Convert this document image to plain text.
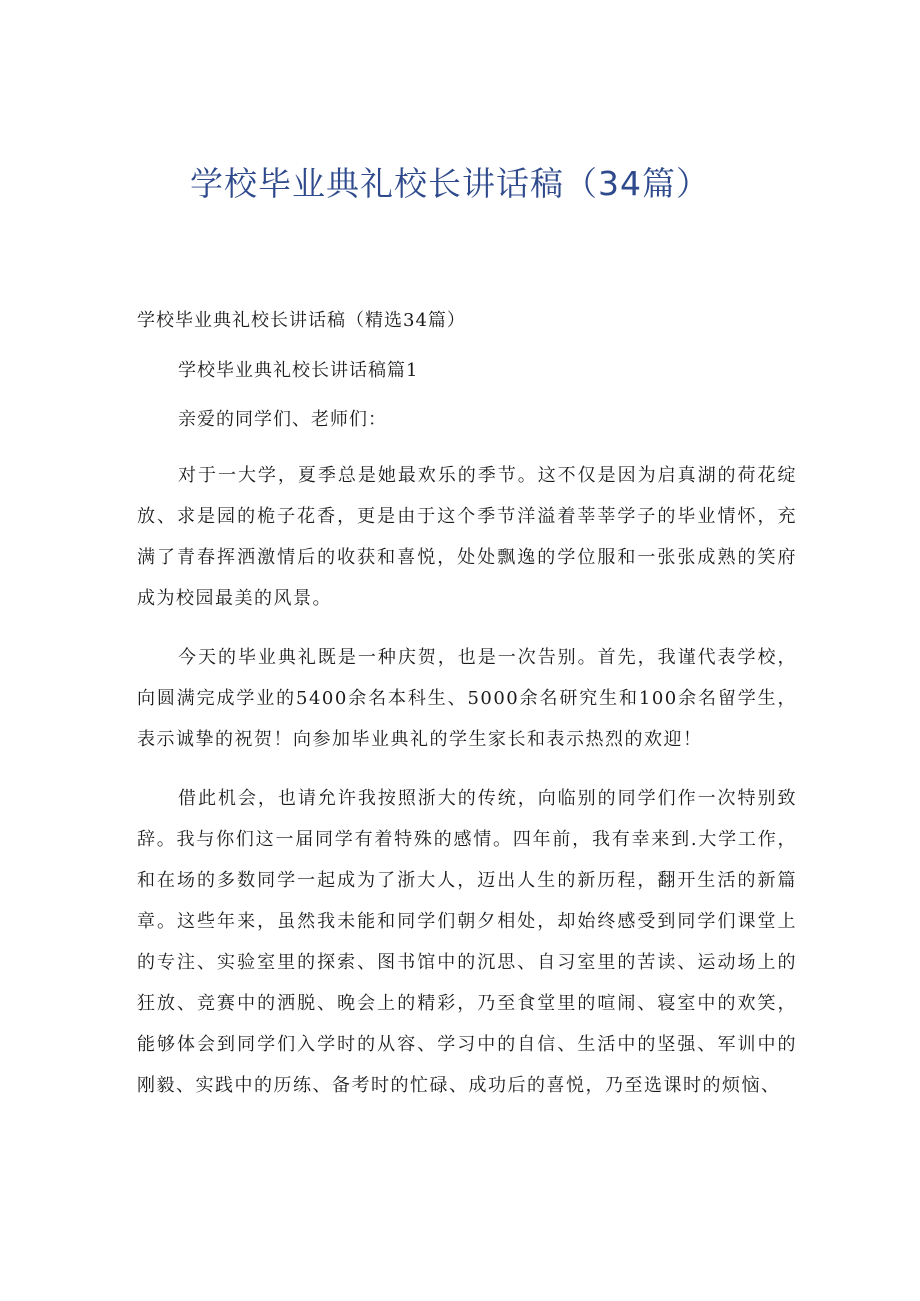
学校毕业典礼校长讲话稿（34篇）

学校毕业典礼校长讲话稿（精选34篇）

学校毕业典礼校长讲话稿篇1

亲爱的同学们、老师们：

对于一大学，夏季总是她最欢乐的季节。这不仅是因为启真湖的荷花绽放、求是园的桅子花香，更是由于这个季节洋溢着莘莘学子的毕业情怀，充满了青春挥洒激情后的收获和喜悦，处处飘逸的学位服和一张张成熟的笑府成为校园最美的风景。

今天的毕业典礼既是一种庆贺，也是一次告别。首先，我谨代表学校，向圆满完成学业的5400余名本科生、5000余名研究生和100余名留学生，表示诚挚的祝贺！向参加毕业典礼的学生家长和表示热烈的欢迎！

借此机会，也请允许我按照浙大的传统，向临别的同学们作一次特别致辞。我与你们这一届同学有着特殊的感情。四年前，我有幸来到.大学工作，和在场的多数同学一起成为了浙大人，迈出人生的新历程，翻开生活的新篇章。这些年来，虽然我未能和同学们朝夕相处，却始终感受到同学们课堂上的专注、实验室里的探索、图书馆中的沉思、自习室里的苦读、运动场上的狂放、竞赛中的洒脱、晚会上的精彩，乃至食堂里的喧闹、寝室中的欢笑，能够体会到同学们入学时的从容、学习中的自信、生活中的坚强、军训中的刚毅、实践中的历练、备考时的忙碌、成功后的喜悦，乃至选课时的烦恼、
